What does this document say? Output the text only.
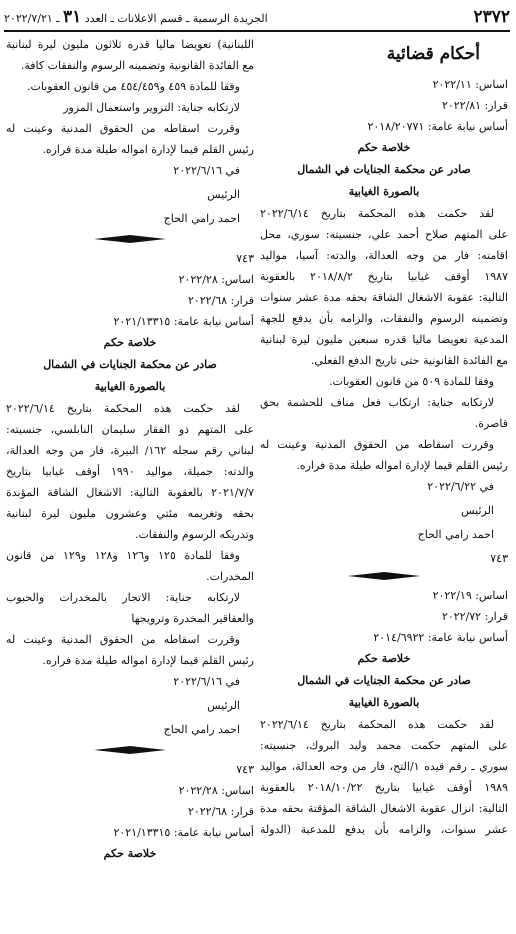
٢٣٧٢
الجريدة الرسمية ـ قسم الاعلانات ـ العدد ٣١ ـ ٢٠٢٢/٧/٢١
أحكام قضائية
اساس: ٢٠٢٢/١١
قرار: ٢٠٢٢/٨١
أساس نيابة عامة: ٢٠١٨/٢٠٧٧١
خلاصة حكم
صادر عن محكمة الجنايات في الشمال
بالصورة الغيابية
لقد حكمت هذه المحكمة بتاريخ ٢٠٢٢/٦/١٤
على المتهم صلاح أحمد علي، جنسيته: سوري، محل
اقامته: فار من وجه العدالة، والدته: آسيا، مواليد
١٩٨٧ أوقف غيابيا بتاريخ ٢٠١٨/٨/٢ بالعقوبة
التالية: عقوبة الاشغال الشاقة بحقه مدة عشر سنوات
وتضمينه الرسوم والنفقات، والزامه بأن يدفع للجهة
المدعية تعويضا ماليا قدره سبعين مليون ليرة لبنانية
مع الفائدة القانونية حتى تاريخ الدفع الفعلي.
وفقا للمادة ٥٠٩ من قانون العقوبات.
لارتكابه جناية: ارتكاب فعل مناف للحشمة بحق
قاصرة.
وقررت اسقاطه من الحقوق المدنية وعينت له
رئيس القلم قيما لإدارة امواله طيلة مدة فراره.
في ٢٠٢٢/٦/٢٢
الرئيس
احمد رامي الحاج
٧٤٣
اساس: ٢٠٢٢/١٩
قرار: ٢٠٢٢/٧٢
أساس نيابة عامة: ٢٠١٤/٦٩٢٢
خلاصة حكم
صادر عن محكمة الجنايات في الشمال
بالصورة الغيابية
لقد حكمت هذه المحكمة بتاريخ ٢٠٢٢/٦/١٤
على المتهم حكمت محمد وليد البروك، جنسيته:
سوري ـ رقم قيده ١/التح، فار من وجه العدالة، مواليد
١٩٨٩ أوقف غيابيا بتاريخ ٢٠١٨/١٠/٢٢ بالعقوبة
التالية: انزال عقوبة الاشغال الشاقة المؤقتة بحقه مدة
عشر سنوات، والزامه بأن يدفع للمدعية (الدولة
اللبنانية) تعويضا ماليا قدره ثلاثون مليون ليرة لبنانية
مع الفائدة القانونية وتضمينه الرسوم والنفقات كافة.
وفقا للمادة ٤٥٩ و٤٥٤/٤٥٩ من قانون العقوبات.
لارتكابه جناية: التزوير واستعمال المزور
وقررت اسقاطه من الحقوق المدنية وعينت له
رئيس القلم قيما لإدارة امواله طيلة مدة فراره.
في ٢٠٢٢/٦/١٦
الرئيس
احمد رامي الحاج
٧٤٣
اساس: ٢٠٢٢/٢٨
قرار: ٢٠٢٢/٦٨
أساس نيابة عامة: ٢٠٢١/١٣٣١٥
خلاصة حكم
صادر عن محكمة الجنايات في الشمال
بالصورة الغيابية
لقد حكمت هذه المحكمة بتاريخ ٢٠٢٢/٦/١٤
على المتهم ذو الفقار سليمان النابلسي، جنسيته:
لبناني رقم سجله ١٦٢/ البيرة، فار من وجه العدالة،
والدته: جميلة، مواليد ١٩٩٠ أوقف غيابيا بتاريخ
٢٠٢١/٧/٧ بالعقوبة التالية: الاشغال الشاقة المؤبدة
بحقه وتغريمه مئتي وعشرون مليون ليرة لبنانية
وتدريكه الرسوم والنفقات.
وفقا للمادة ١٢٥ و١٢٦ و١٢٨ و١٢٩ من قانون
المخدرات.
لارتكابه جناية: الاتجار بالمخدرات والحبوب
والعقاقير المخدرة وترويجها
وقررت اسقاطه من الحقوق المدنية وعينت له
رئيس القلم قيما لإدارة امواله طيلة مدة فراره.
في ٢٠٢٢/٦/١٦
الرئيس
احمد رامي الحاج
٧٤٣
اساس: ٢٠٢٢/٢٨
قرار: ٢٠٢٢/٦٨
أساس نيابة عامة: ٢٠٢١/١٣٣١٥
خلاصة حكم
